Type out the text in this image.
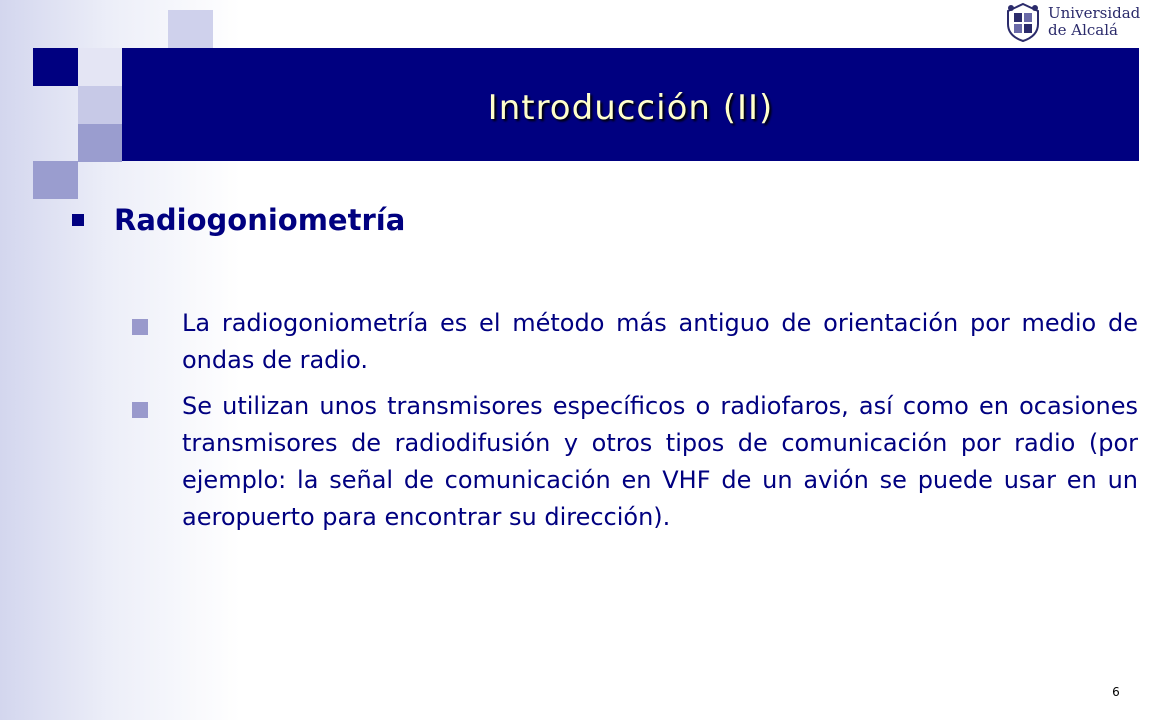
Introducción (II)
Universidad
de Alcalá
Radiogoniometría
La radiogoniometría es el método más antiguo de orientación por medio de ondas de radio.
Se utilizan unos transmisores específicos o radiofaros, así como en ocasiones transmisores de radiodifusión y otros tipos de comunicación por radio (por ejemplo: la señal de comunicación en VHF de un avión se puede usar en un aeropuerto para encontrar su dirección).
6
